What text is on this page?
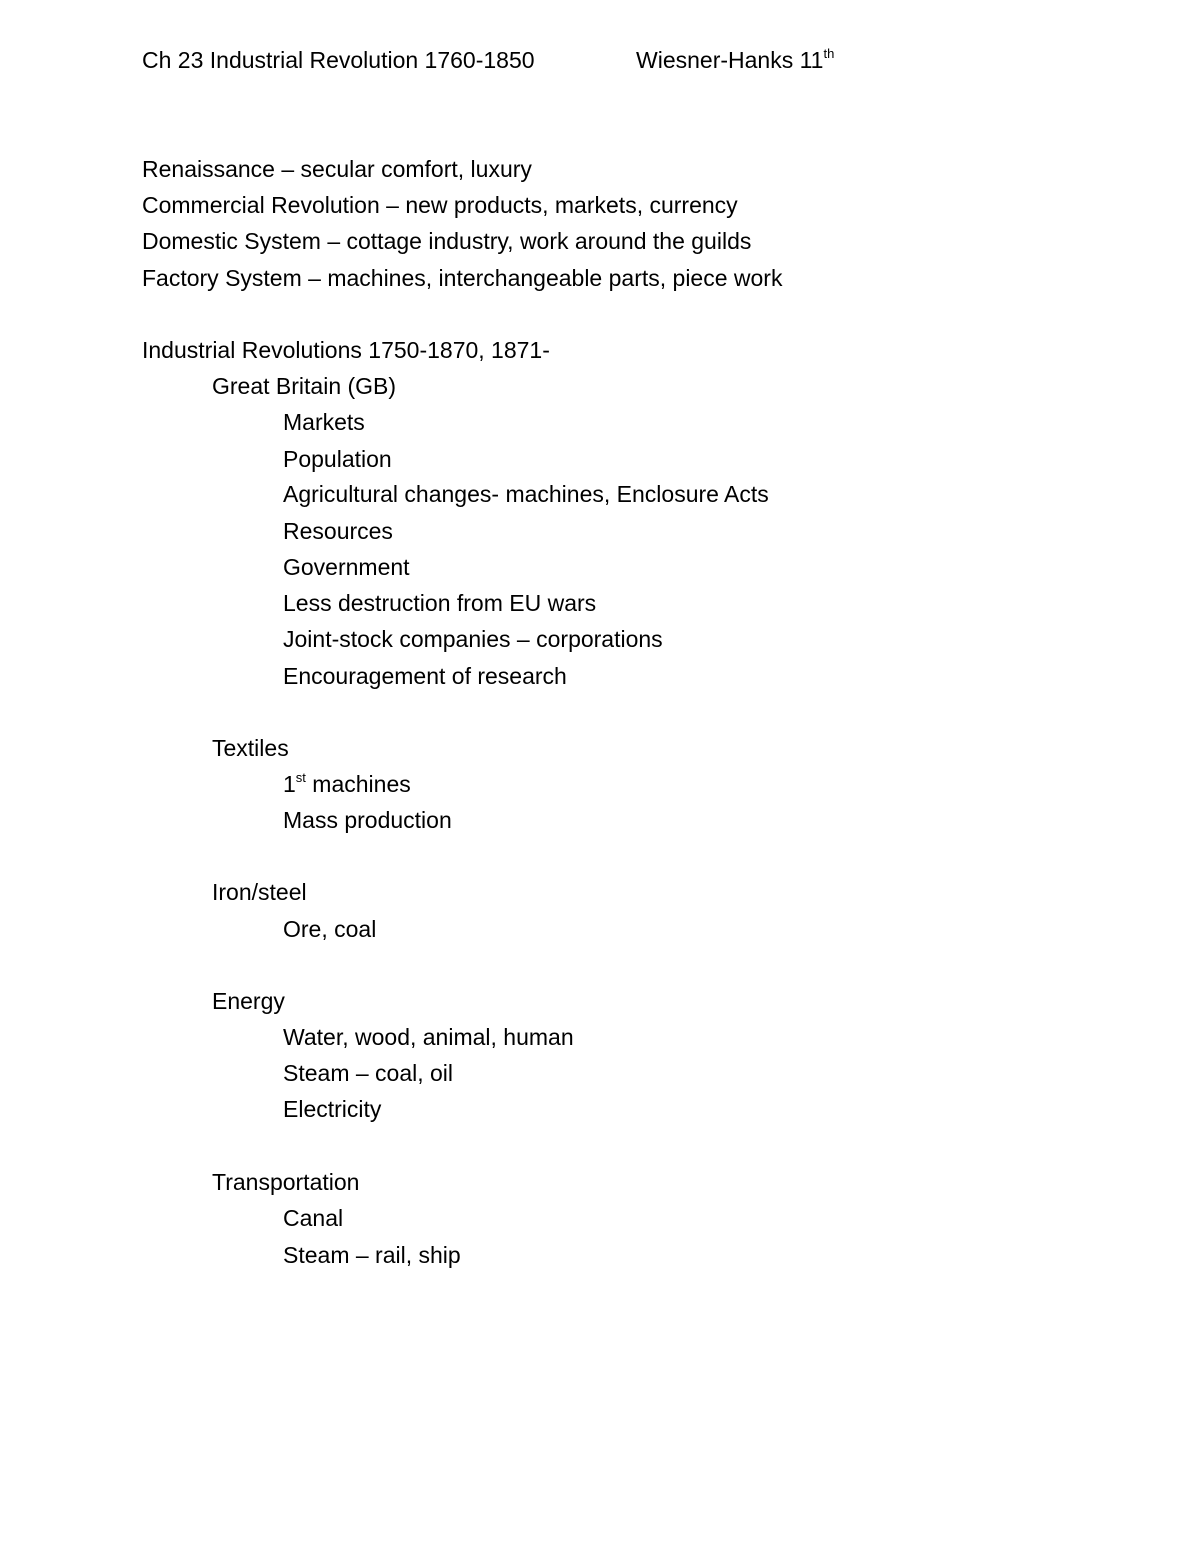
Ch 23 Industrial Revolution 1760-1850	Wiesner-Hanks 11th
Renaissance – secular comfort, luxury
Commercial Revolution – new products, markets, currency
Domestic System – cottage industry, work around the guilds
Factory System – machines, interchangeable parts, piece work
Industrial Revolutions 1750-1870, 1871-
Great Britain (GB)
Markets
Population
Agricultural changes- machines, Enclosure Acts
Resources
Government
Less destruction from EU wars
Joint-stock companies – corporations
Encouragement of research
Textiles
1st machines
Mass production
Iron/steel
Ore, coal
Energy
Water, wood, animal, human
Steam – coal, oil
Electricity
Transportation
Canal
Steam – rail, ship
